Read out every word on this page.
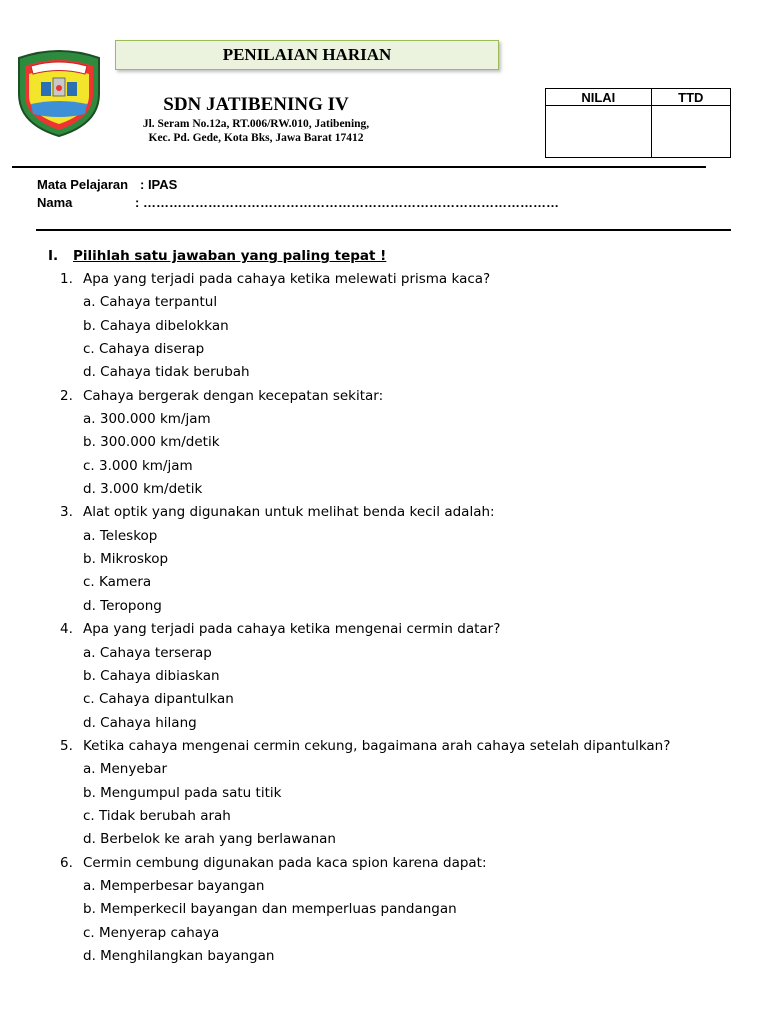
PENILAIAN HARIAN
SDN JATIBENING IV
Jl. Seram No.12a, RT.006/RW.010, Jatibening,
Kec. Pd. Gede, Kota Bks, Jawa Barat 17412
NILAI	TTD

Mata Pelajaran : IPAS
Nama	: ……………………………………………………………………………………
I. Pilihlah satu jawaban yang paling tepat !
1. Apa yang terjadi pada cahaya ketika melewati prisma kaca?
a. Cahaya terpantul
b. Cahaya dibelokkan
c. Cahaya diserap
d. Cahaya tidak berubah
2. Cahaya bergerak dengan kecepatan sekitar:
a. 300.000 km/jam
b. 300.000 km/detik
c. 3.000 km/jam
d. 3.000 km/detik
3. Alat optik yang digunakan untuk melihat benda kecil adalah:
a. Teleskop
b. Mikroskop
c. Kamera
d. Teropong
4. Apa yang terjadi pada cahaya ketika mengenai cermin datar?
a. Cahaya terserap
b. Cahaya dibiaskan
c. Cahaya dipantulkan
d. Cahaya hilang
5. Ketika cahaya mengenai cermin cekung, bagaimana arah cahaya setelah dipantulkan?
a. Menyebar
b. Mengumpul pada satu titik
c. Tidak berubah arah
d. Berbelok ke arah yang berlawanan
6. Cermin cembung digunakan pada kaca spion karena dapat:
a. Memperbesar bayangan
b. Memperkecil bayangan dan memperluas pandangan
c. Menyerap cahaya
d. Menghilangkan bayangan
